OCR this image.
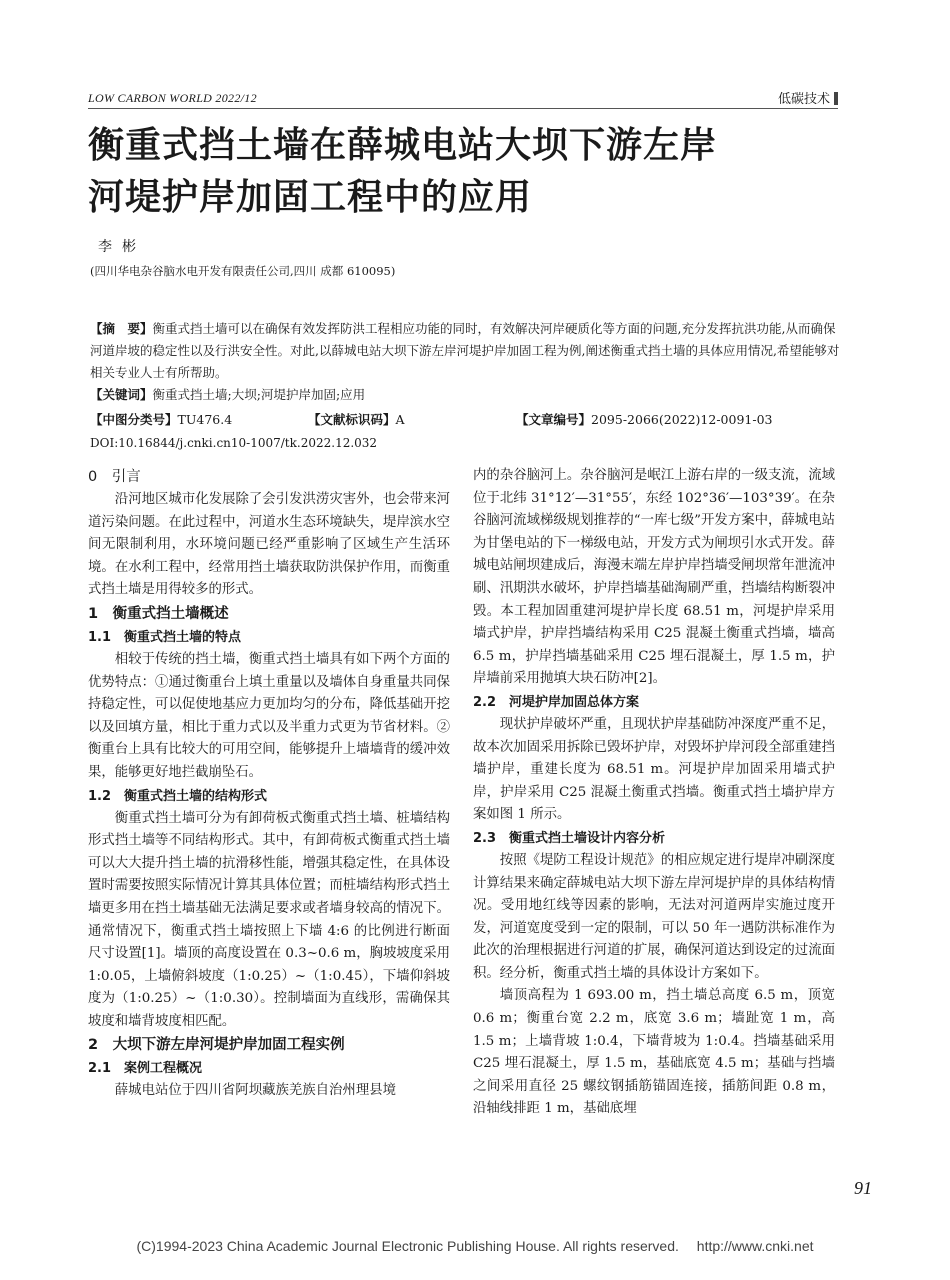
LOW CARBON WORLD 2022/12	低碳技术
衡重式挡土墙在薛城电站大坝下游左岸
河堤护岸加固工程中的应用
李彬
(四川华电杂谷脑水电开发有限责任公司,四川 成都 610095)
【摘　要】衡重式挡土墙可以在确保有效发挥防洪工程相应功能的同时，有效解决河岸硬质化等方面的问题,充分发挥抗洪功能,从而确保河道岸坡的稳定性以及行洪安全性。对此,以薛城电站大坝下游左岸河堤护岸加固工程为例,阐述衡重式挡土墙的具体应用情况,希望能够对相关专业人士有所帮助。
【关键词】衡重式挡土墙;大坝;河堤护岸加固;应用
【中图分类号】TU476.4	【文献标识码】A	【文章编号】2095-2066(2022)12-0091-03
DOI:10.16844/j.cnki.cn10-1007/tk.2022.12.032
0　引言

沿河地区城市化发展除了会引发洪涝灾害外，也会带来河道污染问题。在此过程中，河道水生态环境缺失，堤岸滨水空间无限制利用，水环境问题已经严重影响了区域生产生活环境。在水利工程中，经常用挡土墙获取防洪保护作用，而衡重式挡土墙是用得较多的形式。

1　衡重式挡土墙概述
1.1　衡重式挡土墙的特点

相较于传统的挡土墙，衡重式挡土墙具有如下两个方面的优势特点：①通过衡重台上填土重量以及墙体自身重量共同保持稳定性，可以促使地基应力更加均匀的分布，降低基础开挖以及回填方量，相比于重力式以及半重力式更为节省材料。②衡重台上具有比较大的可用空间，能够提升上墙墙背的缓冲效果，能够更好地拦截崩坠石。

1.2　衡重式挡土墙的结构形式

衡重式挡土墙可分为有卸荷板式衡重式挡土墙、桩墙结构形式挡土墙等不同结构形式。其中，有卸荷板式衡重式挡土墙可以大大提升挡土墙的抗滑移性能，增强其稳定性，在具体设置时需要按照实际情况计算其具体位置；而桩墙结构形式挡土墙更多用在挡土墙基础无法满足要求或者墙身较高的情况下。通常情况下，衡重式挡土墙按照上下墙 4:6 的比例进行断面尺寸设置[1]。墙顶的高度设置在 0.3~0.6 m，胸坡坡度采用 1:0.05，上墙俯斜坡度（1:0.25）~（1:0.45），下墙仰斜坡度为（1:0.25）~（1:0.30）。控制墙面为直线形，需确保其坡度和墙背坡度相匹配。

2　大坝下游左岸河堤护岸加固工程实例
2.1　案例工程概况

薛城电站位于四川省阿坝藏族羌族自治州理县境

内的杂谷脑河上。杂谷脑河是岷江上游右岸的一级支流，流域位于北纬 31°12′—31°55′，东经 102°36′—103°39′。在杂谷脑河流域梯级规划推荐的“一库七级”开发方案中，薛城电站为甘堡电站的下一梯级电站，开发方式为闸坝引水式开发。薛城电站闸坝建成后，海漫末端左岸护岸挡墙受闸坝常年泄流冲刷、汛期洪水破坏，护岸挡墙基础淘刷严重，挡墙结构断裂冲毁。本工程加固重建河堤护岸长度 68.51 m，河堤护岸采用墙式护岸，护岸挡墙结构采用 C25 混凝土衡重式挡墙，墙高 6.5 m，护岸挡墙基础采用 C25 埋石混凝土，厚 1.5 m，护岸墙前采用抛填大块石防冲[2]。

2.2　河堤护岸加固总体方案

现状护岸破坏严重，且现状护岸基础防冲深度严重不足，故本次加固采用拆除已毁坏护岸，对毁坏护岸河段全部重建挡墙护岸，重建长度为 68.51 m。河堤护岸加固采用墙式护岸，护岸采用 C25 混凝土衡重式挡墙。衡重式挡土墙护岸方案如图 1 所示。

2.3　衡重式挡土墙设计内容分析

按照《堤防工程设计规范》的相应规定进行堤岸冲刷深度计算结果来确定薛城电站大坝下游左岸河堤护岸的具体结构情况。受用地红线等因素的影响，无法对河道两岸实施过度开发，河道宽度受到一定的限制，可以 50 年一遇防洪标准作为此次的治理根据进行河道的扩展，确保河道达到设定的过流面积。经分析，衡重式挡土墙的具体设计方案如下。

墙顶高程为 1 693.00 m，挡土墙总高度 6.5 m，顶宽 0.6 m；衡重台宽 2.2 m，底宽 3.6 m；墙趾宽 1 m，高 1.5 m；上墙背坡 1:0.4，下墙背坡为 1:0.4。挡墙基础采用 C25 埋石混凝土，厚 1.5 m，基础底宽 4.5 m；基础与挡墙之间采用直径 25 螺纹钢插筋锚固连接，插筋间距 0.8 m，沿轴线排距 1 m，基础底埋

91
(C)1994-2023 China Academic Journal Electronic Publishing House. All rights reserved.　 http://www.cnki.net
